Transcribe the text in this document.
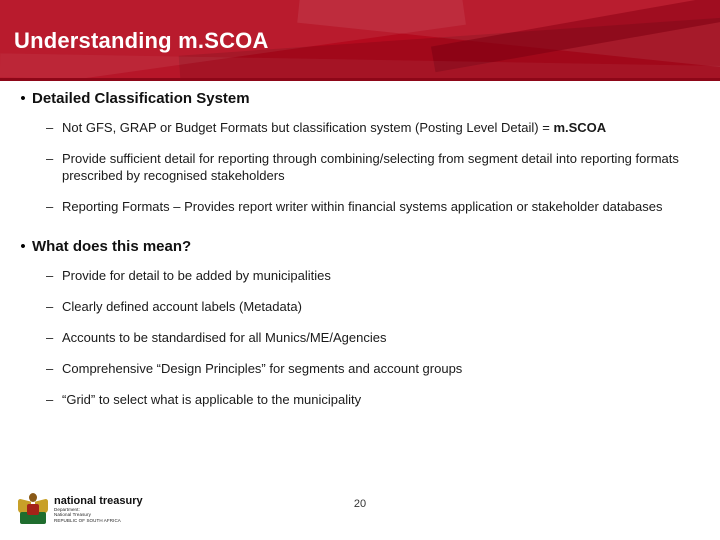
Understanding m.SCOA
• Detailed Classification System
– Not GFS, GRAP or Budget Formats but classification system (Posting Level Detail) = m.SCOA
– Provide sufficient detail for reporting through combining/selecting from segment detail into reporting formats prescribed by recognised stakeholders
– Reporting Formats – Provides report writer within financial systems application or stakeholder databases
• What does this mean?
– Provide for detail to be added by municipalities
– Clearly defined account labels (Metadata)
– Accounts to be standardised for all Munics/ME/Agencies
– Comprehensive “Design Principles” for segments and account groups
– “Grid” to select what is applicable to the municipality
20
national treasury
Department:
National Treasury
REPUBLIC OF SOUTH AFRICA
